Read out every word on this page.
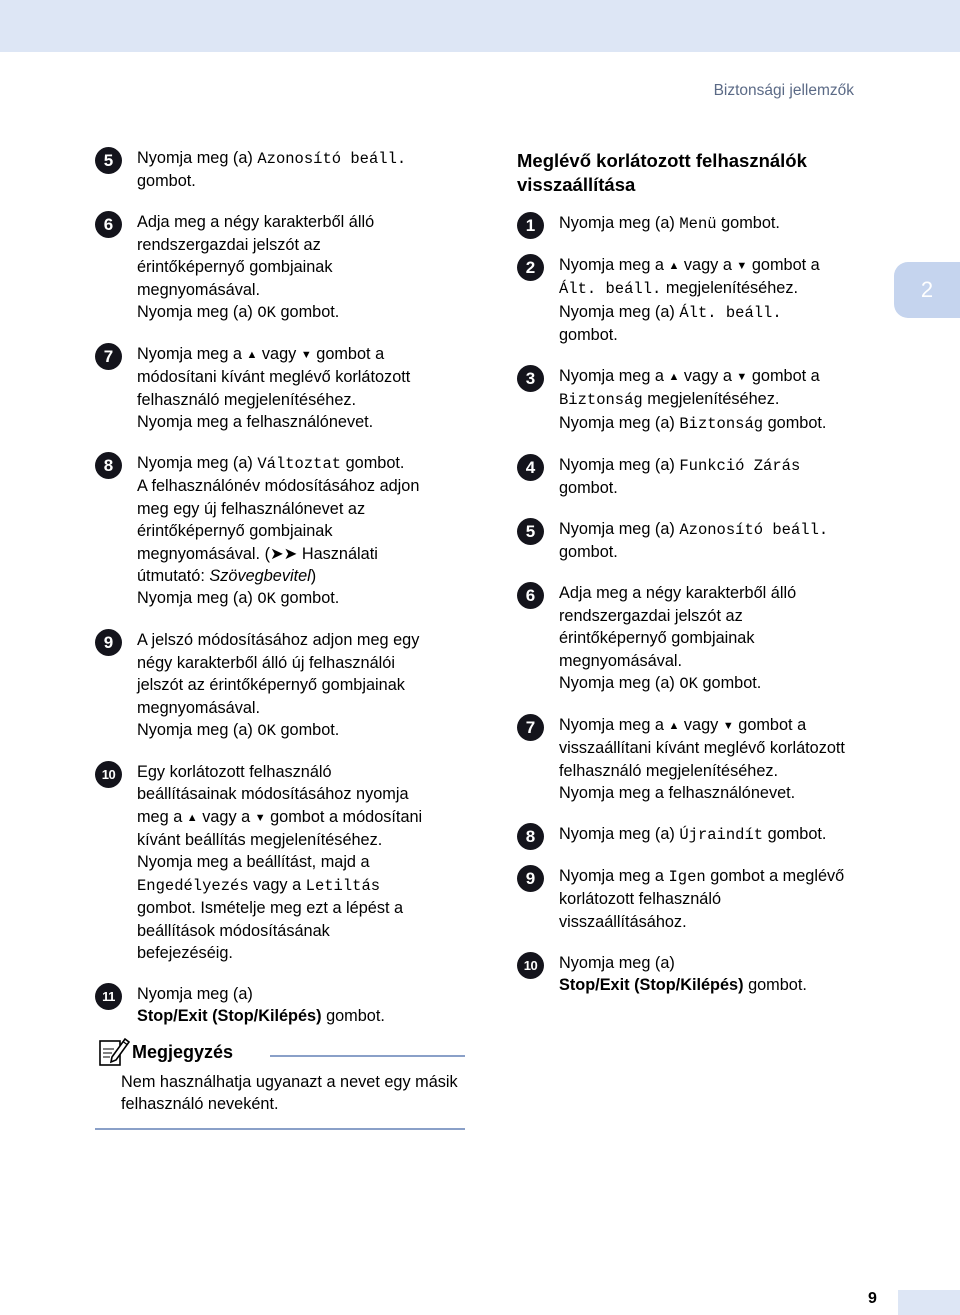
Biztonsági jellemzők
2
5	Nyomja meg (a) Azonosító beáll.
gombot.
6	Adja meg a négy karakterből álló
rendszergazdai jelszót az
érintőképernyő gombjainak
megnyomásával.
Nyomja meg (a) OK gombot.
7	Nyomja meg a ▲ vagy ▼ gombot a
módosítani kívánt meglévő korlátozott
felhasználó megjelenítéséhez.
Nyomja meg a felhasználónevet.
8	Nyomja meg (a) Változtat gombot.
A felhasználónév módosításához adjon
meg egy új felhasználónevet az
érintőképernyő gombjainak
megnyomásával. (➤➤ Használati
útmutató: Szövegbevitel)
Nyomja meg (a) OK gombot.
9	A jelszó módosításához adjon meg egy
négy karakterből álló új felhasználói
jelszót az érintőképernyő gombjainak
megnyomásával.
Nyomja meg (a) OK gombot.
10	Egy korlátozott felhasználó
beállításainak módosításához nyomja
meg a ▲ vagy a ▼ gombot a módosítani
kívánt beállítás megjelenítéséhez.
Nyomja meg a beállítást, majd a
Engedélyezés vagy a Letiltás
gombot. Ismételje meg ezt a lépést a
beállítások módosításának
befejezéséig.
11	Nyomja meg (a)
Stop/Exit (Stop/Kilépés) gombot.
Meglévő korlátozott felhasználók visszaállítása
1	Nyomja meg (a) Menü gombot.
2	Nyomja meg a ▲ vagy a ▼ gombot a
Ált. beáll. megjelenítéséhez.
Nyomja meg (a) Ált. beáll.
gombot.
3	Nyomja meg a ▲ vagy a ▼ gombot a
Biztonság megjelenítéséhez.
Nyomja meg (a) Biztonság gombot.
4	Nyomja meg (a) Funkció Zárás
gombot.
5	Nyomja meg (a) Azonosító beáll.
gombot.
6	Adja meg a négy karakterből álló
rendszergazdai jelszót az
érintőképernyő gombjainak
megnyomásával.
Nyomja meg (a) OK gombot.
7	Nyomja meg a ▲ vagy ▼ gombot a
visszaállítani kívánt meglévő korlátozott
felhasználó megjelenítéséhez.
Nyomja meg a felhasználónevet.
8	Nyomja meg (a) Újraindít gombot.
9	Nyomja meg a Igen gombot a meglévő
korlátozott felhasználó
visszaállításához.
10	Nyomja meg (a)
Stop/Exit (Stop/Kilépés) gombot.
Megjegyzés
Nem használhatja ugyanazt a nevet egy másik felhasználó neveként.
9
